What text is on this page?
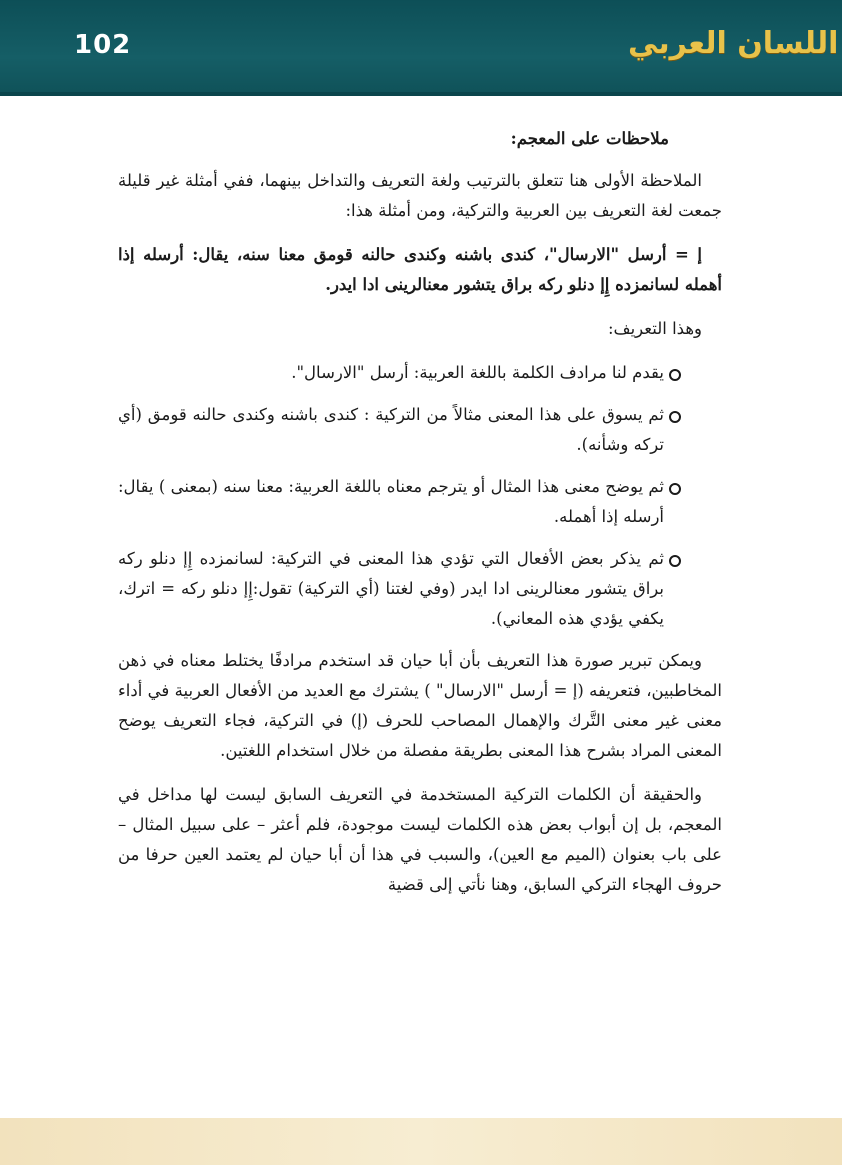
102	اللسان العربي

ملاحظات على المعجم:

الملاحظة الأولى هنا تتعلق بالترتيب ولغة التعريف والتداخل بينهما، ففي أمثلة غير قليلة جمعت لغة التعريف بين العربية والتركية، ومن أمثلة هذا:

إ = أرسل "الارسال"، كندى باشنه وكندى حالنه قومق معنا سنه، يقال: أرسله إذا أهمله لسانمزده إِإ دنلو ركه براق يتشور معنالرينى ادا ايدر.

وهذا التعريف:

يقدم لنا مرادف الكلمة باللغة العربية: أرسل "الارسال".
ثم يسوق على هذا المعنى مثالاً من التركية : كندى باشنه وكندى حالنه قومق (أي تركه وشأنه).
ثم يوضح معنى هذا المثال أو يترجم معناه باللغة العربية: معنا سنه (بمعنى ) يقال: أرسله إذا أهمله.
ثم يذكر بعض الأفعال التي تؤدي هذا المعنى في التركية: لسانمزده إِإ دنلو ركه براق يتشور معنالرينى ادا ايدر (وفي لغتنا (أي التركية) تقول:إِإ دنلو ركه = اترك، يكفي يؤدي هذه المعاني).

ويمكن تبرير صورة هذا التعريف بأن أبا حيان قد استخدم مرادفًا يختلط معناه في ذهن المخاطبين، فتعريفه (إ = أرسل "الارسال" ) يشترك مع العديد من الأفعال العربية في أداء معنى غير معنى التَّرك والإهمال المصاحب للحرف (إ) في التركية، فجاء التعريف يوضح المعنى المراد بشرح هذا المعنى بطريقة مفصلة من خلال استخدام اللغتين.

والحقيقة أن الكلمات التركية المستخدمة في التعريف السابق ليست لها مداخل في المعجم، بل إن أبواب بعض هذه الكلمات ليست موجودة، فلم أعثر – على سبيل المثال – على باب بعنوان (الميم مع العين)، والسبب في هذا أن أبا حيان لم يعتمد العين حرفا من حروف الهجاء التركي السابق، وهنا نأتي إلى قضية
